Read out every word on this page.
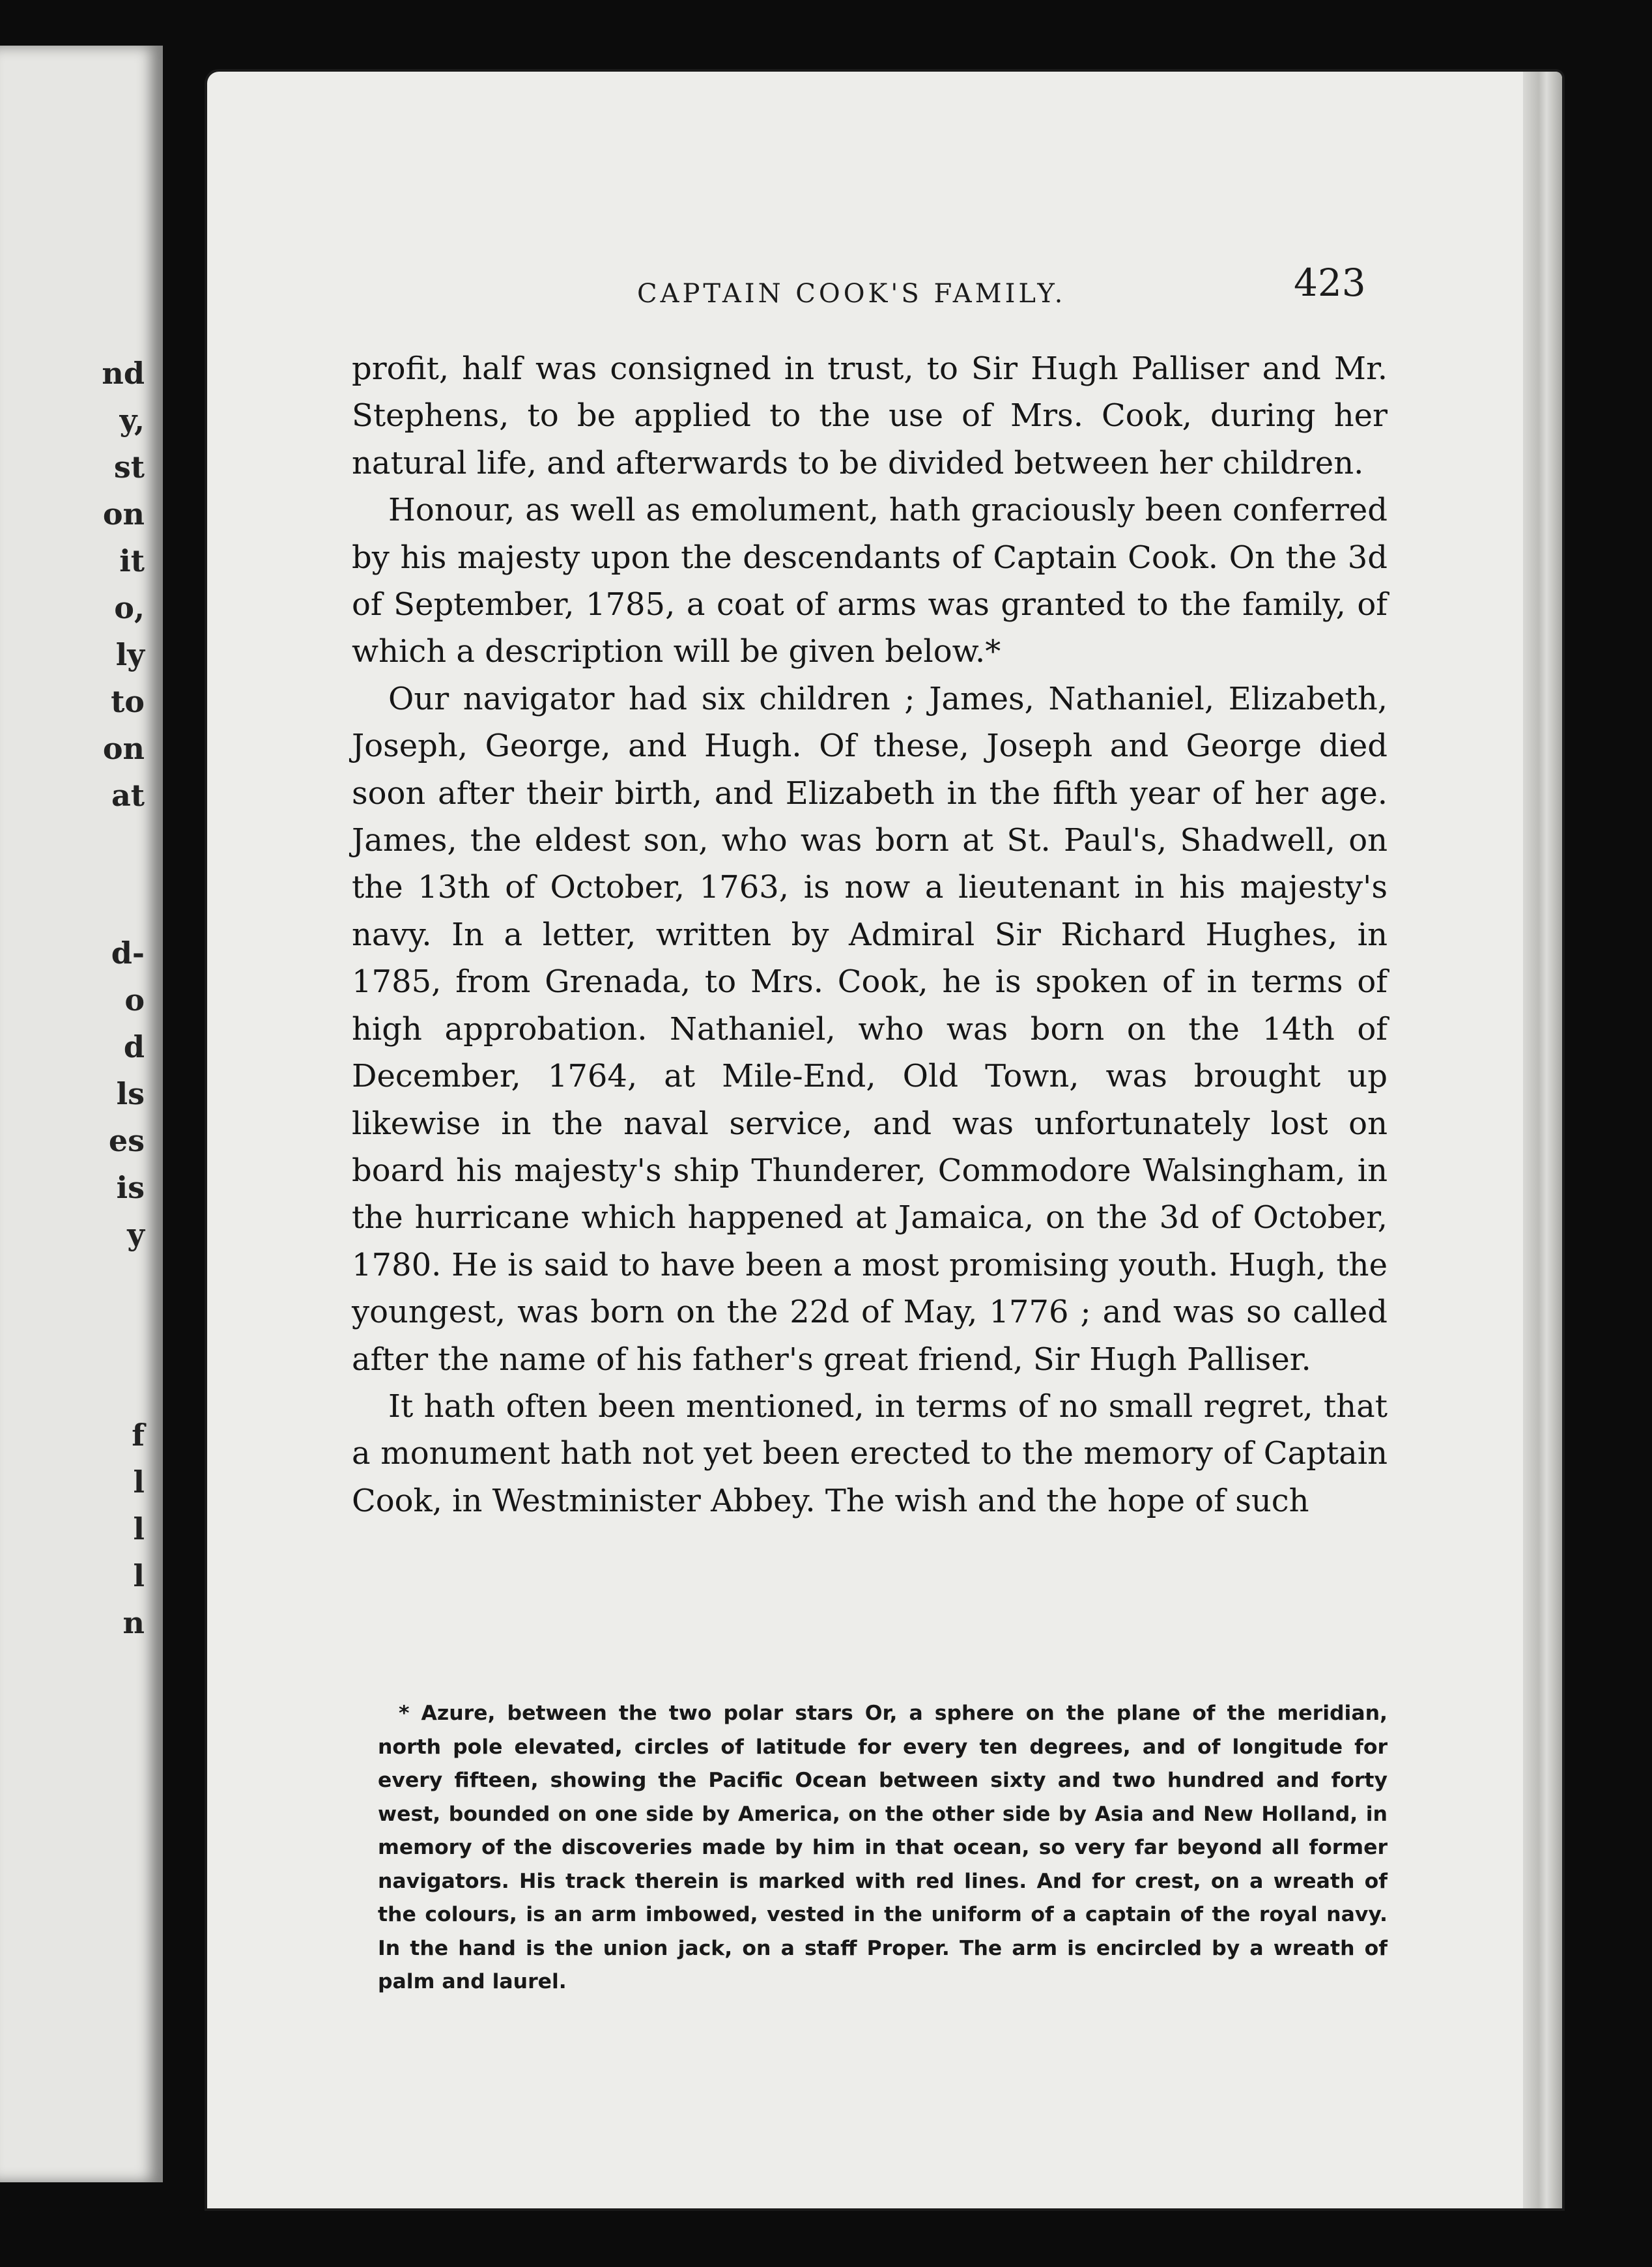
nd
y,
st
on
it
o,
ly
to
on
at
d-
o
d
ls
es
is
y
f
l
l
l
n
CAPTAIN COOK'S FAMILY.	423

profit, half was consigned in trust, to Sir Hugh Palliser and Mr. Stephens, to be applied to the use of Mrs. Cook, during her natural life, and afterwards to be divided between her children.

Honour, as well as emolument, hath graciously been conferred by his majesty upon the descendants of Captain Cook. On the 3d of September, 1785, a coat of arms was granted to the family, of which a description will be given below.*

Our navigator had six children ; James, Nathaniel, Elizabeth, Joseph, George, and Hugh. Of these, Joseph and George died soon after their birth, and Elizabeth in the fifth year of her age. James, the eldest son, who was born at St. Paul's, Shadwell, on the 13th of October, 1763, is now a lieutenant in his majesty's navy. In a letter, written by Admiral Sir Richard Hughes, in 1785, from Grenada, to Mrs. Cook, he is spoken of in terms of high approbation. Nathaniel, who was born on the 14th of December, 1764, at Mile-End, Old Town, was brought up likewise in the naval service, and was unfortunately lost on board his majesty's ship Thunderer, Commodore Walsingham, in the hurricane which happened at Jamaica, on the 3d of October, 1780. He is said to have been a most promising youth. Hugh, the youngest, was born on the 22d of May, 1776 ; and was so called after the name of his father's great friend, Sir Hugh Palliser.

It hath often been mentioned, in terms of no small regret, that a monument hath not yet been erected to the memory of Captain Cook, in Westminister Abbey. The wish and the hope of such

* Azure, between the two polar stars Or, a sphere on the plane of the meridian, north pole elevated, circles of latitude for every ten degrees, and of longitude for every fifteen, showing the Pacific Ocean between sixty and two hundred and forty west, bounded on one side by America, on the other side by Asia and New Holland, in memory of the discoveries made by him in that ocean, so very far beyond all former navigators. His track therein is marked with red lines. And for crest, on a wreath of the colours, is an arm imbowed, vested in the uniform of a captain of the royal navy. In the hand is the union jack, on a staff Proper. The arm is encircled by a wreath of palm and laurel.
